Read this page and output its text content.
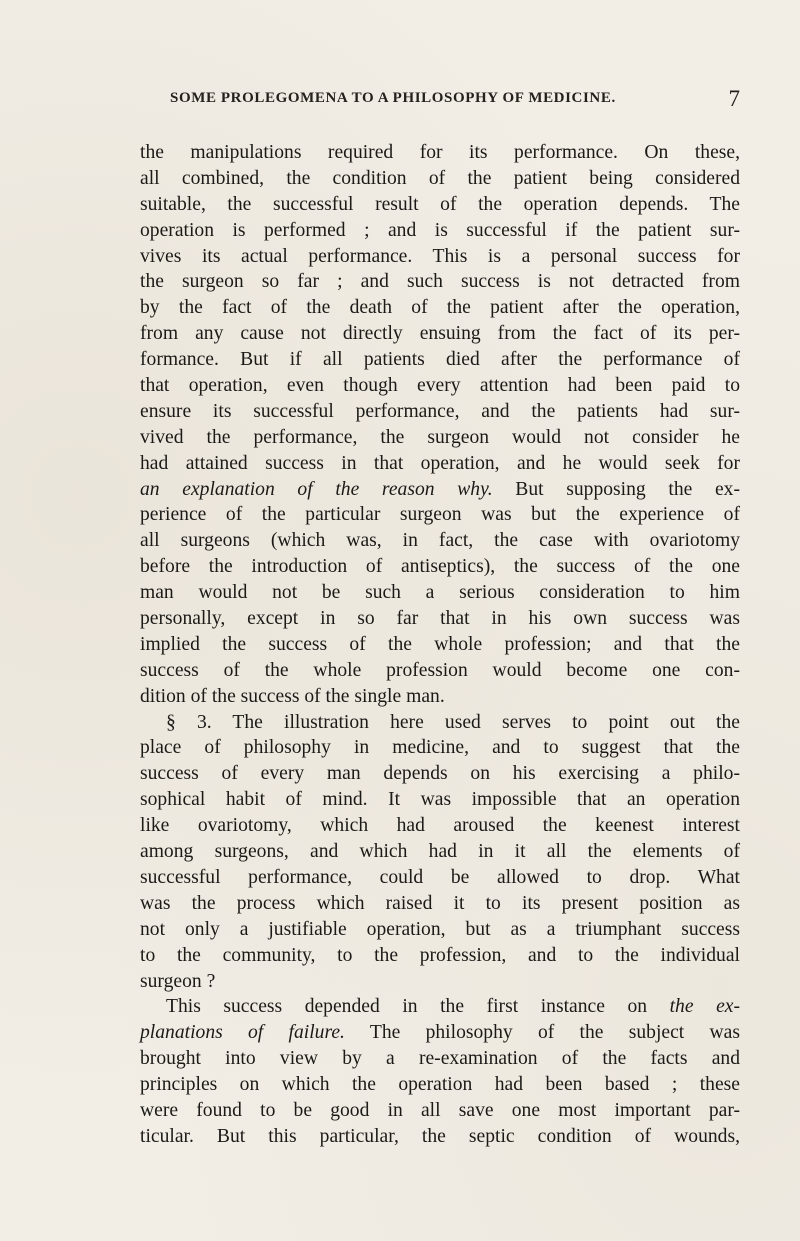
SOME PROLEGOMENA TO A PHILOSOPHY OF MEDICINE.	7
the manipulations required for its performance. On these,
all combined, the condition of the patient being considered
suitable, the successful result of the operation depends. The
operation is performed ; and is successful if the patient sur-
vives its actual performance. This is a personal success for
the surgeon so far ; and such success is not detracted from
by the fact of the death of the patient after the operation,
from any cause not directly ensuing from the fact of its per-
formance. But if all patients died after the performance of
that operation, even though every attention had been paid to
ensure its successful performance, and the patients had sur-
vived the performance, the surgeon would not consider he
had attained success in that operation, and he would seek for
an explanation of the reason why. But supposing the ex-
perience of the particular surgeon was but the experience of
all surgeons (which was, in fact, the case with ovariotomy
before the introduction of antiseptics), the success of the one
man would not be such a serious consideration to him
personally, except in so far that in his own success was
implied the success of the whole profession; and that the
success of the whole profession would become one con-
dition of the success of the single man.
§ 3. The illustration here used serves to point out the
place of philosophy in medicine, and to suggest that the
success of every man depends on his exercising a philo-
sophical habit of mind. It was impossible that an operation
like ovariotomy, which had aroused the keenest interest
among surgeons, and which had in it all the elements of
successful performance, could be allowed to drop. What
was the process which raised it to its present position as
not only a justifiable operation, but as a triumphant success
to the community, to the profession, and to the individual
surgeon ?
This success depended in the first instance on the ex-
planations of failure. The philosophy of the subject was
brought into view by a re-examination of the facts and
principles on which the operation had been based ; these
were found to be good in all save one most important par-
ticular. But this particular, the septic condition of wounds,
